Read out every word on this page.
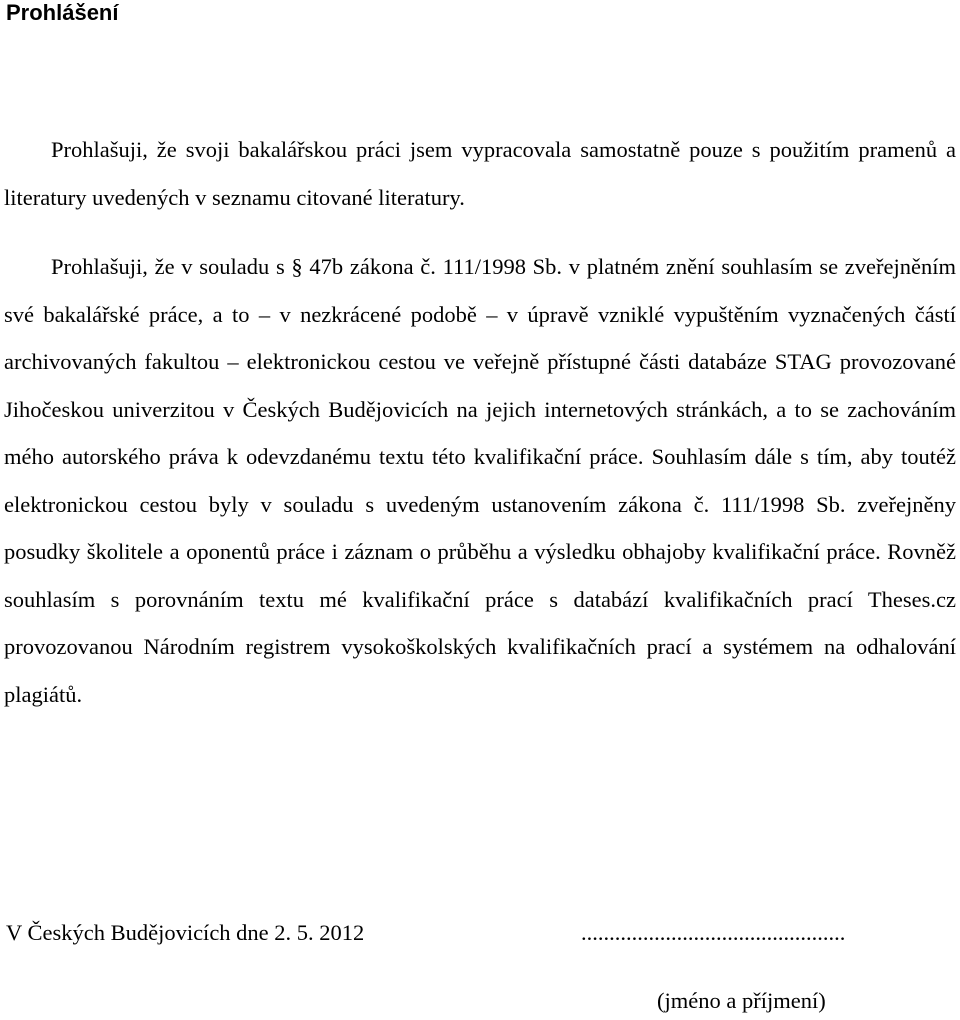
Prohlášení

Prohlašuji, že svoji bakalářskou práci jsem vypracovala samostatně pouze s použitím pramenů a literatury uvedených v seznamu citované literatury.

Prohlašuji, že v souladu s § 47b zákona č. 111/1998 Sb. v platném znění souhlasím se zveřejněním své bakalářské práce, a to – v nezkrácené podobě – v úpravě vzniklé vypuštěním vyznačených částí archivovaných fakultou – elektronickou cestou ve veřejně přístupné části databáze STAG provozované Jihočeskou univerzitou v Českých Budějovicích na jejich internetových stránkách, a to se zachováním mého autorského práva k odevzdanému textu této kvalifikační práce. Souhlasím dále s tím, aby toutéž elektronickou cestou byly v souladu s uvedeným ustanovením zákona č. 111/1998 Sb. zveřejněny posudky školitele a oponentů práce i záznam o průběhu a výsledku obhajoby kvalifikační práce. Rovněž souhlasím s porovnáním textu mé kvalifikační práce s databází kvalifikačních prací Theses.cz provozovanou Národním registrem vysokoškolských kvalifikačních prací a systémem na odhalování plagiátů.

V Českých Budějovicích dne 2. 5. 2012	...............................................
(jméno a příjmení)
